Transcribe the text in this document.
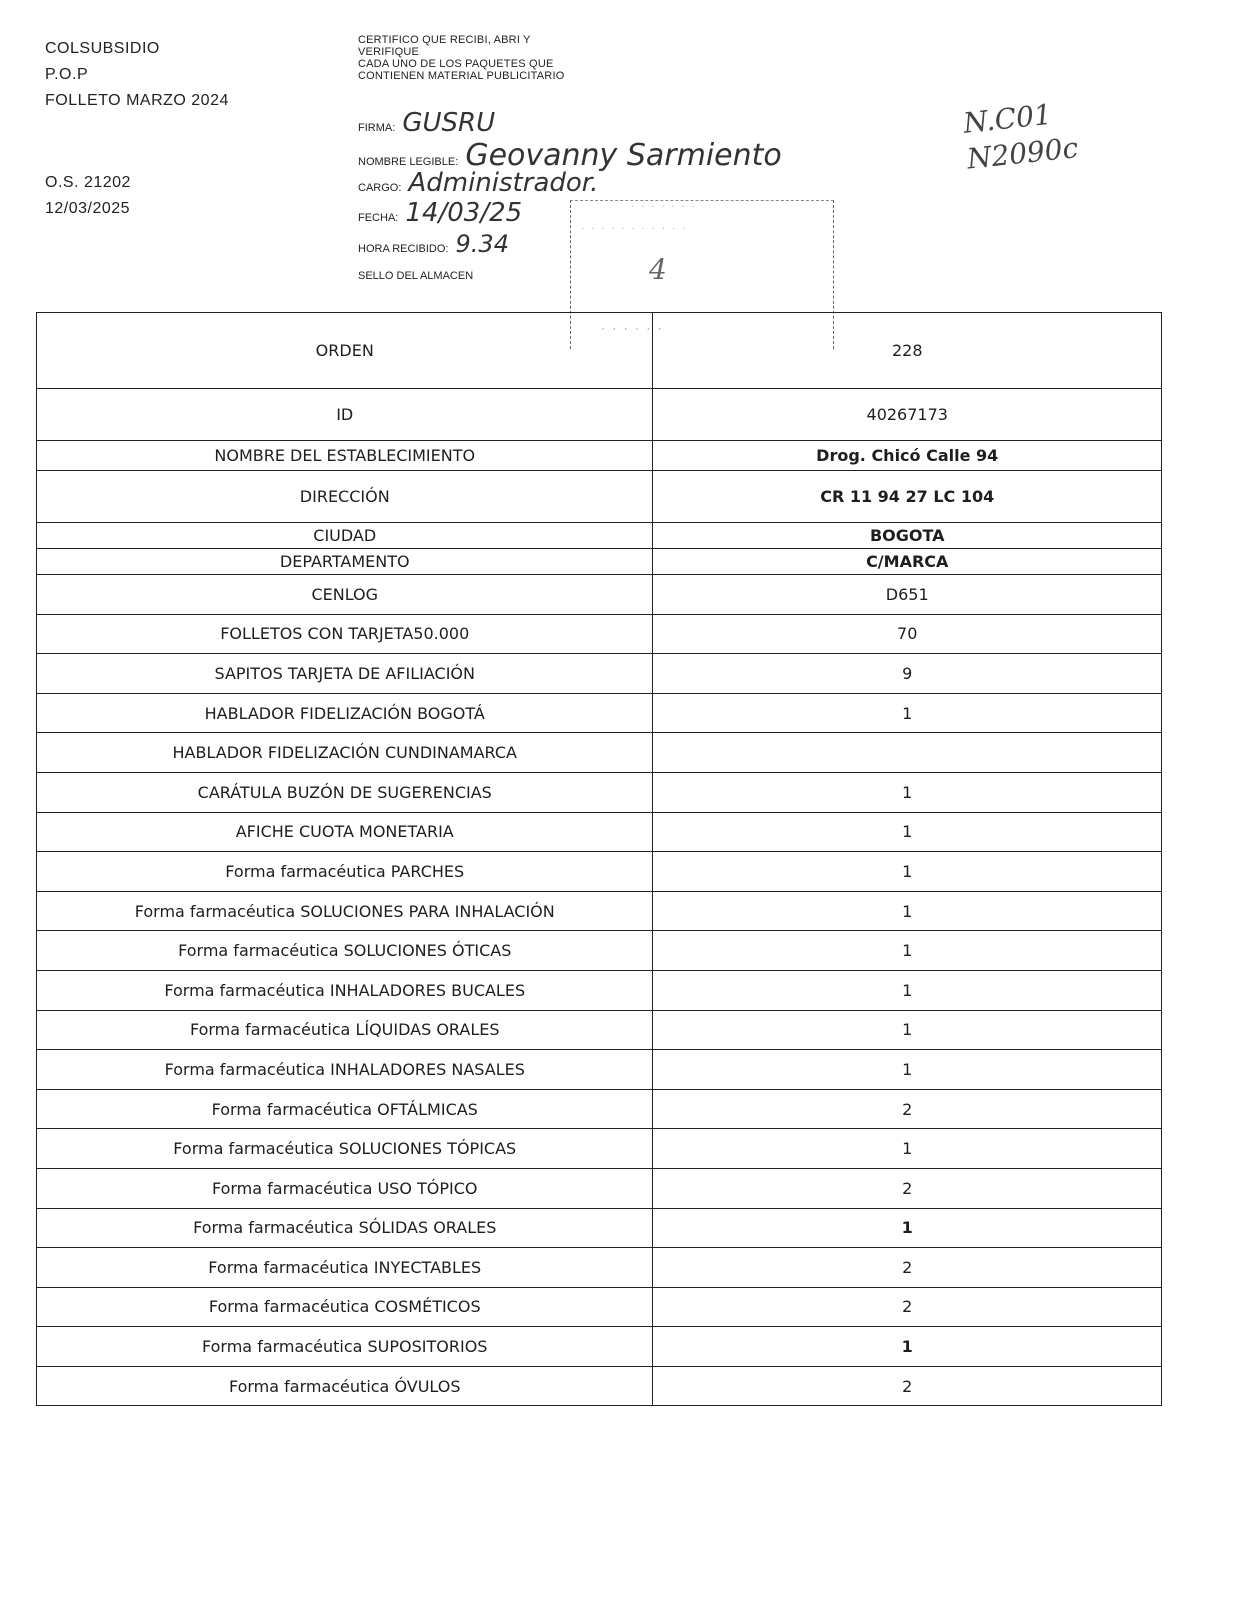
COLSUBSIDIO
P.O.P
FOLLETO MARZO 2024
O.S. 21202
12/03/2025
CERTIFICO QUE RECIBI, ABRI Y
VERIFIQUE
CADA UNO DE LOS PAQUETES QUE
CONTIENEN MATERIAL PUBLICITARIO
FIRMA: GUSRU
NOMBRE LEGIBLE: Geovanny Sarmiento
CARGO: Administrador.
FECHA: 14/03/25
HORA RECIBIDO: 9.34
SELLO DEL ALMACEN
· · · · · · ·
· · · · · · · · · · ·
4
· · · · · ·
N.C01
N2090c
ORDEN	228
ID	40267173
NOMBRE DEL ESTABLECIMIENTO	Drog. Chicó Calle 94
DIRECCIÓN	CR 11 94 27 LC 104
CIUDAD	BOGOTA
DEPARTAMENTO	C/MARCA
CENLOG	D651
FOLLETOS CON TARJETA50.000	70
SAPITOS TARJETA DE AFILIACIÓN	9
HABLADOR FIDELIZACIÓN BOGOTÁ	1
HABLADOR FIDELIZACIÓN CUNDINAMARCA	
CARÁTULA BUZÓN DE SUGERENCIAS	1
AFICHE CUOTA MONETARIA	1
Forma farmacéutica PARCHES	1
Forma farmacéutica SOLUCIONES PARA INHALACIÓN	1
Forma farmacéutica SOLUCIONES ÓTICAS	1
Forma farmacéutica INHALADORES BUCALES	1
Forma farmacéutica LÍQUIDAS ORALES	1
Forma farmacéutica INHALADORES NASALES	1
Forma farmacéutica OFTÁLMICAS	2
Forma farmacéutica SOLUCIONES TÓPICAS	1
Forma farmacéutica USO TÓPICO	2
Forma farmacéutica SÓLIDAS ORALES	1
Forma farmacéutica INYECTABLES	2
Forma farmacéutica COSMÉTICOS	2
Forma farmacéutica SUPOSITORIOS	1
Forma farmacéutica ÓVULOS	2
